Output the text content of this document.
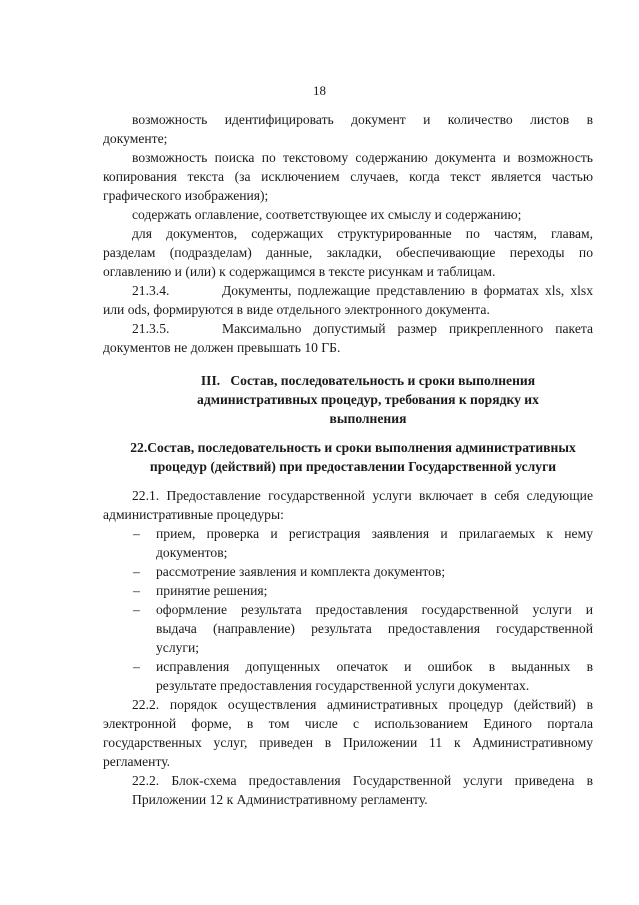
18

возможность идентифицировать документ и количество листов в

документе;

возможность поиска по текстовому содержанию документа и возможность

копирования текста (за исключением случаев, когда текст является частью

графического изображения);

содержать оглавление, соответствующее их смыслу и содержанию;

для документов, содержащих структурированные по частям, главам,

разделам (подразделам) данные, закладки, обеспечивающие переходы по

оглавлению и (или) к содержащимся в тексте рисункам и таблицам.

21.3.4.	Документы, подлежащие представлению в форматах xls, xlsx

или ods, формируются в виде отдельного электронного документа.

21.3.5.	Максимально допустимый размер прикрепленного пакета

документов не должен превышать 10 ГБ.

III.   Состав, последовательность и сроки выполнения

административных процедур, требования к порядку их

выполнения

22.Состав, последовательность и сроки выполнения административных

процедур (действий) при предоставлении Государственной услуги

22.1. Предоставление государственной услуги включает в себя следующие

административные процедуры:

– прием, проверка и регистрация заявления и прилагаемых к нему

документов;

– рассмотрение заявления и комплекта документов;

– принятие решения;

– оформление результата предоставления государственной услуги и

выдача (направление) результата предоставления государственной

услуги;

– исправления допущенных опечаток и ошибок в выданных в

результате предоставления государственной услуги документах.

22.2. порядок осуществления административных процедур (действий) в

электронной форме, в том числе с использованием Единого портала

государственных услуг, приведен в Приложении 11 к Административному

регламенту.

22.2. Блок-схема предоставления Государственной услуги приведена в

Приложении 12 к Административному регламенту.
